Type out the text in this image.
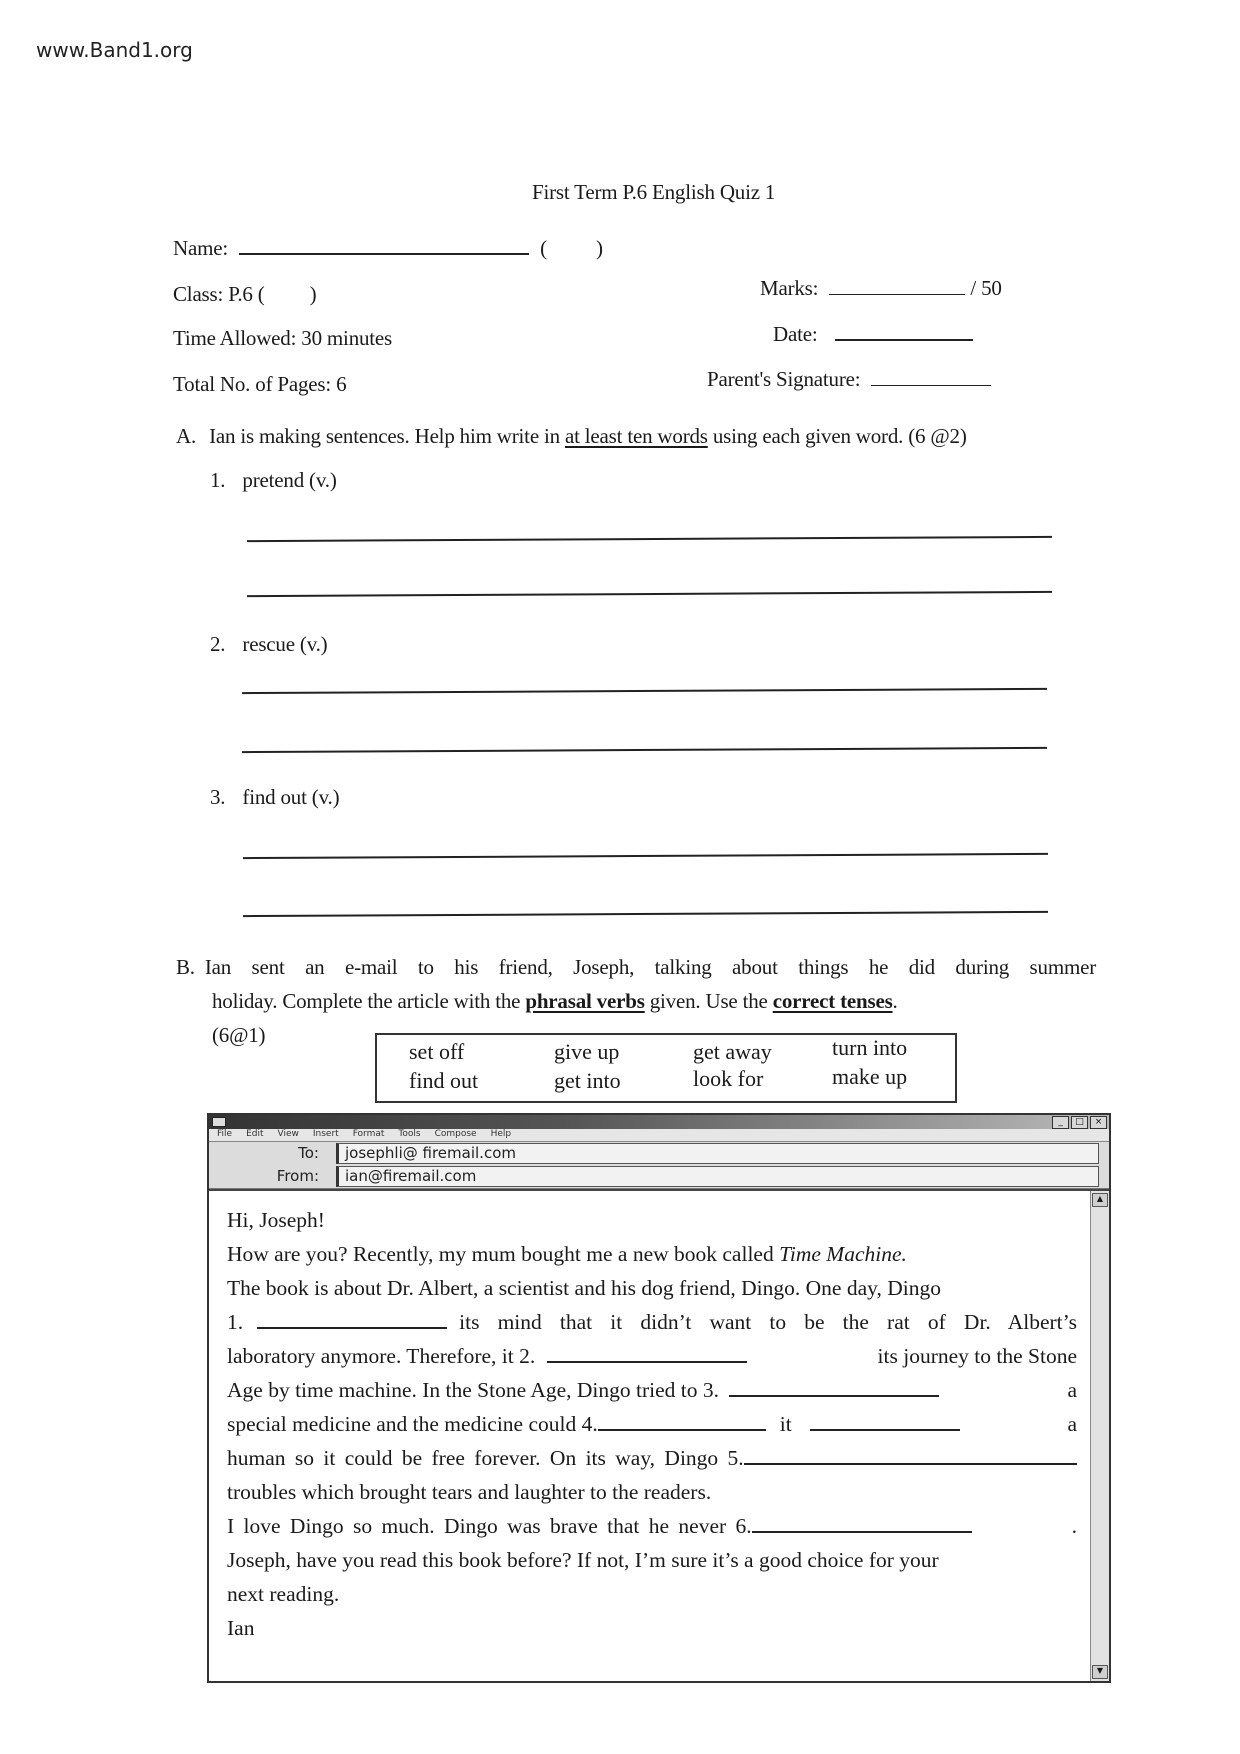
www.Band1.org
First Term P.6 English Quiz 1
Name:	( )
Class: P.6 ( )
Time Allowed: 30 minutes
Total No. of Pages: 6
Marks:	/ 50
Date:
Parent's Signature:
A. Ian is making sentences. Help him write in at least ten words using each given word. (6 @2)
1. pretend (v.)
2. rescue (v.)
3. find out (v.)
B. Ian sent an e-mail to his friend, Joseph, talking about things he did during summer
holiday. Complete the article with the phrasal verbs given. Use the correct tenses.
(6@1)
set off	give up	get away	turn into
find out	get into	look for	make up
_	□	×
File Edit View Insert Format Tools Compose Help
To:	josephli@ firemail.com
From:	ian@firemail.com
▲
▼

Hi, Joseph!

How are you? Recently, my mum bought me a new book called Time Machine.

The book is about Dr. Albert, a scientist and his dog friend, Dingo. One day, Dingo

1.	its mind that it didn’t want to be the rat of Dr. Albert’s

laboratory anymore. Therefore, it 2.	its journey to the Stone

Age by time machine. In the Stone Age, Dingo tried to 3.	a

special medicine and the medicine could 4.	it	a

human so it could be free forever. On its way, Dingo 5.

troubles which brought tears and laughter to the readers.

I love Dingo so much. Dingo was brave that he never 6.	.

Joseph, have you read this book before? If not, I’m sure it’s a good choice for your

next reading.

Ian
